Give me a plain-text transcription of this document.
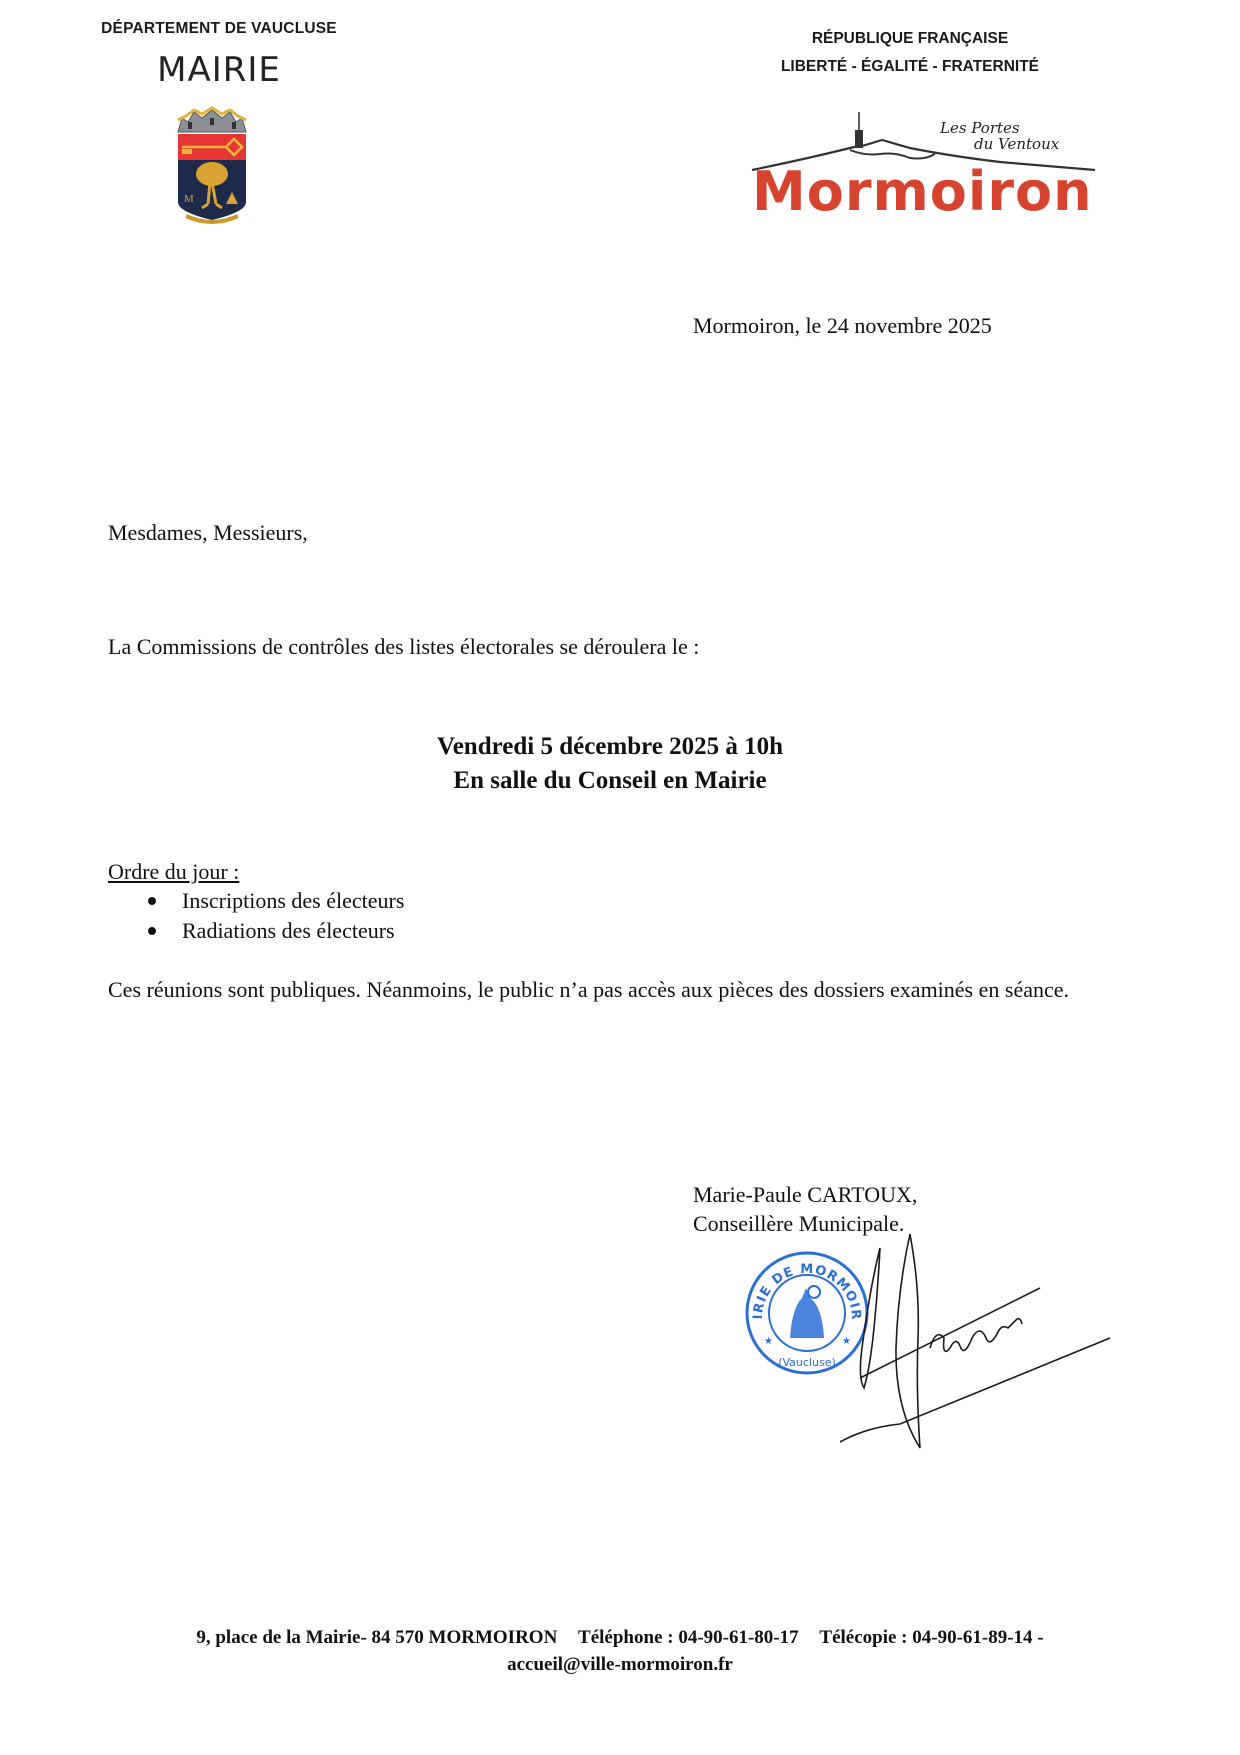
DÉPARTEMENT DE VAUCLUSE
MAIRIE
M
RÉPUBLIQUE FRANÇAISE
LIBERTÉ - ÉGALITÉ - FRATERNITÉ
Les Portes
du Ventoux
Mormoiron
Mormoiron, le 24 novembre 2025
Mesdames, Messieurs,
La Commissions de contrôles des listes électorales se déroulera le :
Vendredi 5 décembre 2025 à 10h
En salle du Conseil en Mairie
Ordre du jour :
Inscriptions des électeurs
Radiations des électeurs
Ces réunions sont publiques. Néanmoins, le public n’a pas accès aux pièces des dossiers examinés en séance.
Marie-Paule CARTOUX,
Conseillère Municipale.
IRIE DE MORMOIR
(Vaucluse)
★	★
9, place de la Mairie- 84 570 MORMOIRON Téléphone : 04-90-61-80-17 Télécopie : 04-90-61-89-14 -
accueil@ville-mormoiron.fr
